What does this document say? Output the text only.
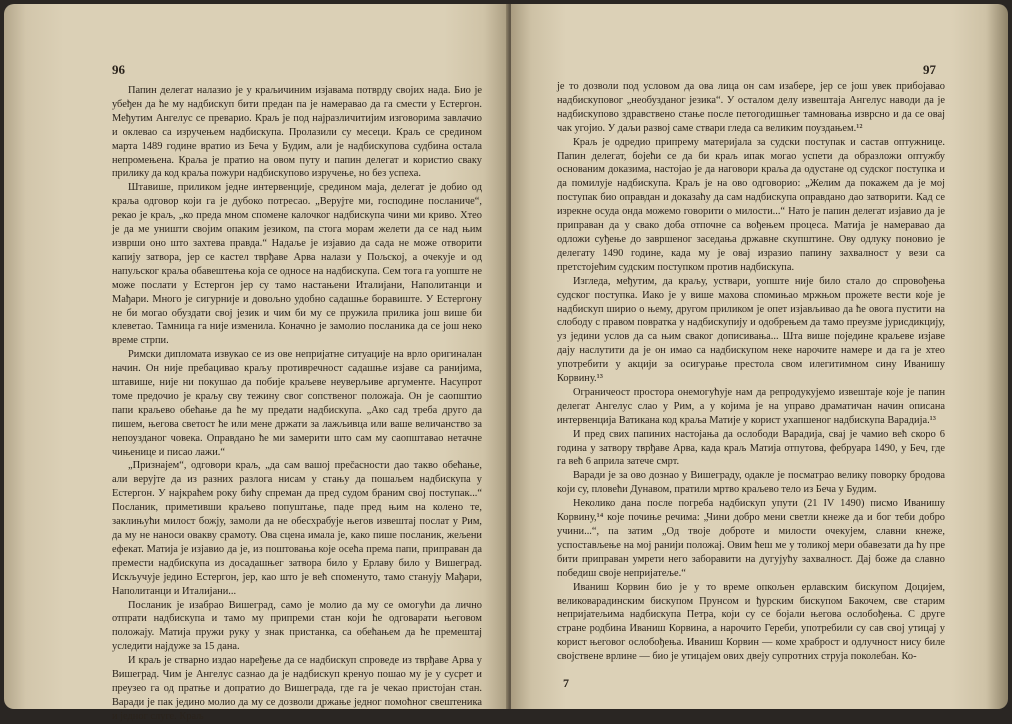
96

Папин делегат налазио је у краљичиним изјавама потврду својих нада. Био је убеђен да ће му надбискуп бити предан па је намеравао да га смести у Естергон. Међутим Ангелус се преварио. Краљ је под најразличитијим изговорима завлачио и оклевао са изручењем надбискупа. Пролазили су месеци. Краљ се средином марта 1489 године вратио из Беча у Будим, али је надбискупова судбина остала непромењена. Краља је пратио на овом путу и папин делегат и користио сваку прилику да код краља пожури надбискупово изручење, но без успеха.

Штавише, приликом једне интервенције, средином маја, делегат је добио од краља одговор који га је дубоко потресао. „Верујте ми, господине посланиче“, рекао је краљ, „ко преда мном спомене калочког надбискупа чини ми криво. Хтео је да ме уништи својим опаким језиком, па стога морам желети да се над њим изврши оно што захтева правда.“ Надаље је изјавио да сада не може отворити капију затвора, јер се кастел тврђаве Арва налази у Пољској, а очекује и од напуљског краља обавештења која се односе на надбискупа. Сем тога га уопште не може послати у Естергон јер су тамо настањени Италијани, Наполитанци и Мађари. Много је сигурније и довољно удобно садашње боравиште. У Естергону не би могао обуздати свој језик и чим би му се пружила прилика још више би клеветао. Тамница га није изменила. Коначно је замолио посланика да се још неко време стрпи.

Римски дипломата извукао се из ове непријатне ситуације на врло оригиналан начин. Он није пребацивао краљу противречност садашње изјаве са ранијима, штавише, није ни покушао да побије краљеве неуверљиве аргументе. Насупрот томе предочио је краљу сву тежину свог сопственог положаја. Он је саопштио папи краљево обећање да ће му предати надбискупа. „Ако сад треба другo да пишем, његова светост ће или мене држати за лажљивца или ваше величанство за непоузданог човека. Оправдано ће ми замерити што сам му саопштавао нетачне чињенице и писао лажи.“

„Признајем“, одговори краљ, „да сам вашој преčасности дао такво обећање, али верујте да из разних разлога нисам у стању да пошаљем надбискупа у Естергон. У најкраћем року бићу спреман да пред судом браним свој поступак...“ Посланик, приметивши краљево попуштање, паде пред њим на колено те, заклињући милост божју, замоли да не обесхрабује његов извештај послат у Рим, да му не наноси овакву срамоту. Ова сцена имала је, како пише посланик, жељени ефекат. Матија је изјавио да је, из поштовања које осећа према папи, приправан да премести надбискупа из досадашњег затвора било у Ерлаву било у Вишеград. Искључује једино Естергон, јер, као што је већ споменуто, тамо станују Мађари, Наполитанци и Италијани...

Посланик је изабрао Вишеград, само је молио да му се омогући да лично отпрати надбискупа и тамо му припреми стан који ће одговарати његовом положају. Матија пружи руку у знак пристанка, са обећањем да ће премештај уследити најдуже за 15 дана.

И краљ је стварно издао наређење да се надбискуп спроведе из тврђаве Арва у Вишеград. Чим је Ангелус сазнао да је надбискуп кренуо пошао му је у сусрет и преузео га од пратње и допратио до Вишеграда, где га је чекао пристојан стан. Варади је пак једино молио да му се дозволи држање једног помоћног свештеника и једног слуге. Краљ

97

је то дозволи под условом да ова лица он сам изабере, јер се још увек прибојавао надбискуповог „необузданог језика“. У осталом делу извештаја Ангелус наводи да је надбискупово здравствено стање после петогодишњег тамновања изврсно и да се овај чак угојио. У даљи развој саме ствари гледа са великим поуздањем.¹²

Краљ је одредио припрему материјала за судски поступак и састав оптужнице. Папин делегат, бојећи се да би краљ ипак могао успети да образложи оптужбу основаним доказима, настојао је да наговори краља да одустане од судског поступка и да помилује надбискупа. Краљ је на ово одговорио: „Желим да покажем да је мој поступак био оправдан и доказаћу да сам надбискупа оправдано дао затворити. Кад се изрекне осуда онда можемо говорити о милости...“ Нато је папин делегат изјавио да је приправан да у свако доба отпочне са вођењем процеса. Матија је намеравао да одложи суђење до завршеног заседања државне скупштине. Ову одлуку поновио је делегату 1490 године, када му је овај изразио папину захвалност у вези са претстојећим судским поступком против надбискупа.

Изгледа, међутим, да краљу, уствари, уопште није било стало до спровођења судског поступка. Иако је у више махова спомињао мржњом прожете вести које је надбискуп ширио о њему, другом приликом је опет изјављивао да ће овога пустити на слободу с правом повратка у надбискупију и одобрењем да тамо преузме јурисдикцију, уз једини услов да са њим сваког дописивања... Шта више поједине краљеве изјаве дају наслутити да је он имао са надбискупом неке нарочите намере и да га је хтео употребити у акцији за осигурање престола свом илегитимном сину Иванишу Корвину.¹³

Ограничеост простора онемогућује нам да репродукујемо извештаје које је папин делегат Ангелус слао у Рим, а у којима је на управо драматичан начин описана интервенција Ватикана код краља Матије у корист ухапшеног надбискупа Варадија.¹³

И пред свих папиних настојања да ослободи Варадија, свај је чамио већ скоро 6 година у затвору тврђаве Арва, када краљ Матија отпутова, фебруара 1490, у Беч, где га већ 6 априла затече смрт.

Варади је за ово дознао у Вишеграду, одакле је посматрао велику поворку бродова који су, пловећи Дунавом, пратили мртво краљево тело из Беча у Будим.

Неколико дана после погреба надбискуп упути (21 IV 1490) писмо Иванишу Корвину,¹⁴ које почиње речима: „Чини добро мени светли кнеже да и бог теби добро учини...“, па затим „Од твоје доброте и милости очекујем, славни кнеже, успостављење на мој ранији положај. Овим ћеш ме у толикој мери обавезати да ћу пре бити приправан умрети него заборавити на дугујућу захвалност. Дај боже да славно победиш своје непријатеље.“

Иваниш Корвин био је у то време опкољен ерлавским бискупом Доцијем, великоварадинским бискупом Прунсом и ђурским бискупом Бакочем, све старим непријатељима надбискупа Петра, који су се бојали његова ослобођења. С друге стране родбина Иваниш Корвина, а нарочито Гереби, употребили су сав свој утицај у корист његовог ослобођења. Иваниш Корвин — коме храброст и одлучност нису биле својствене врлине — био је утицајем ових двеју супротних струја поколебан. Ко-

7
